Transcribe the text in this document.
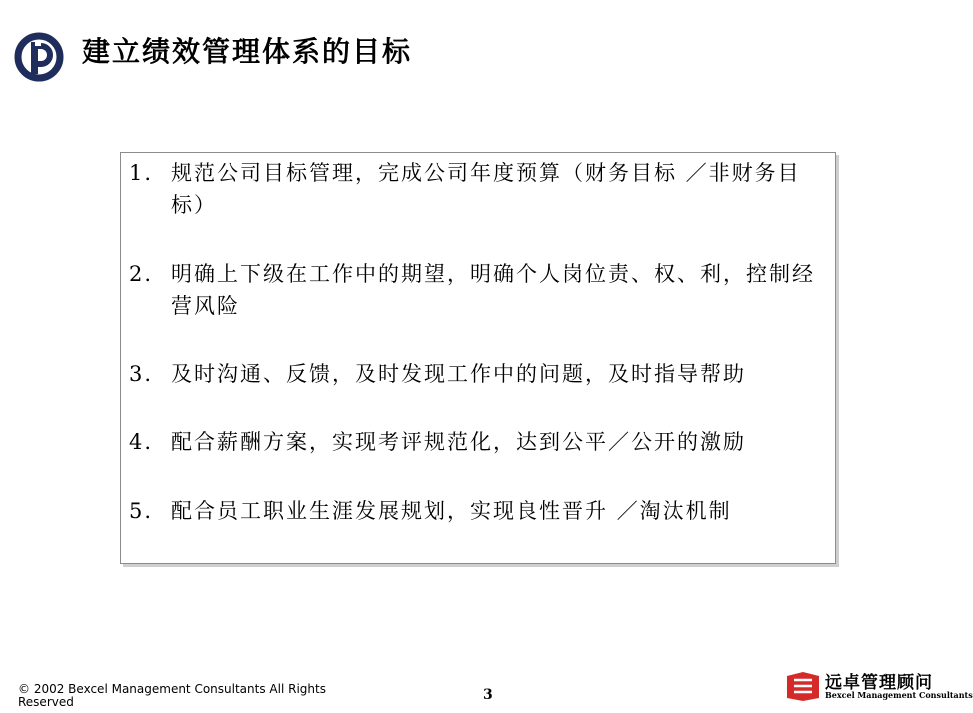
建立绩效管理体系的目标
1. 规范公司目标管理，完成公司年度预算（财务目标 ／非财务目标）
2. 明确上下级在工作中的期望，明确个人岗位责、权、利，控制经营风险
3. 及时沟通、反馈，及时发现工作中的问题，及时指导帮助
4. 配合薪酬方案，实现考评规范化，达到公平／公开的激励
5. 配合员工职业生涯发展规划，实现良性晋升 ／淘汰机制
© 2002 Bexcel Management Consultants All Rights Reserved	3
远卓管理顾问
Bexcel Management Consultants
